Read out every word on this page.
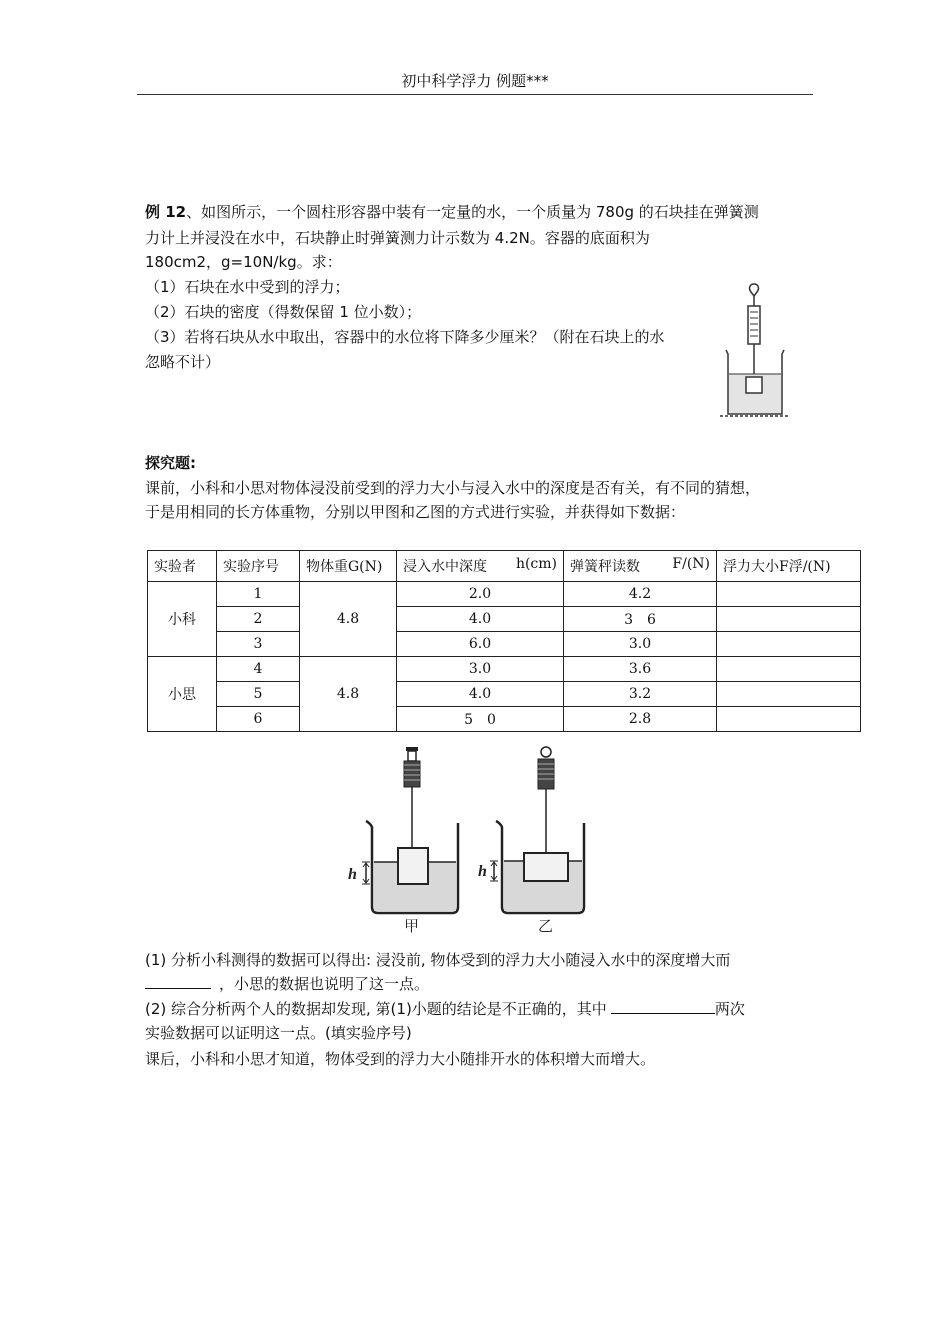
初中科学浮力 例题***
例 12、如图所示，一个圆柱形容器中装有一定量的水，一个质量为 780g 的石块挂在弹簧测
力计上并浸没在水中，石块静止时弹簧测力计示数为 4.2N。容器的底面积为
180cm2，g=10N/kg。求：
（1）石块在水中受到的浮力；
（2）石块的密度（得数保留 1 位小数）；
（3）若将石块从水中取出，容器中的水位将下降多少厘米？（附在石块上的水
忽略不计）
探究题:
课前，小科和小思对物体浸没前受到的浮力大小与浸入水中的深度是否有关，有不同的猜想，
于是用相同的长方体重物，分别以甲图和乙图的方式进行实验，并获得如下数据：
实验者	实验序号	物体重G(N)	浸入水中深度 h(cm)	弹簧秤读数 F/(N)	浮力大小F浮/(N)
小科	1	4.8	2.0	4.2	
	2		4.0	3　6	
	3		6.0	3.0	
小思	4	4.8	3.0	3.6	
	5		4.0	3.2	
	6		5　0	2.8	
h
甲
h
乙
(1) 分析小科测得的数据可以得出: 浸没前, 物体受到的浮力大小随浸入水中的深度增大而
，小思的数据也说明了这一点。
(2) 综合分析两个人的数据却发现, 第(1)小题的结论是不正确的，其中	两次
实验数据可以证明这一点。(填实验序号)
课后，小科和小思才知道，物体受到的浮力大小随排开水的体积增大而增大。
